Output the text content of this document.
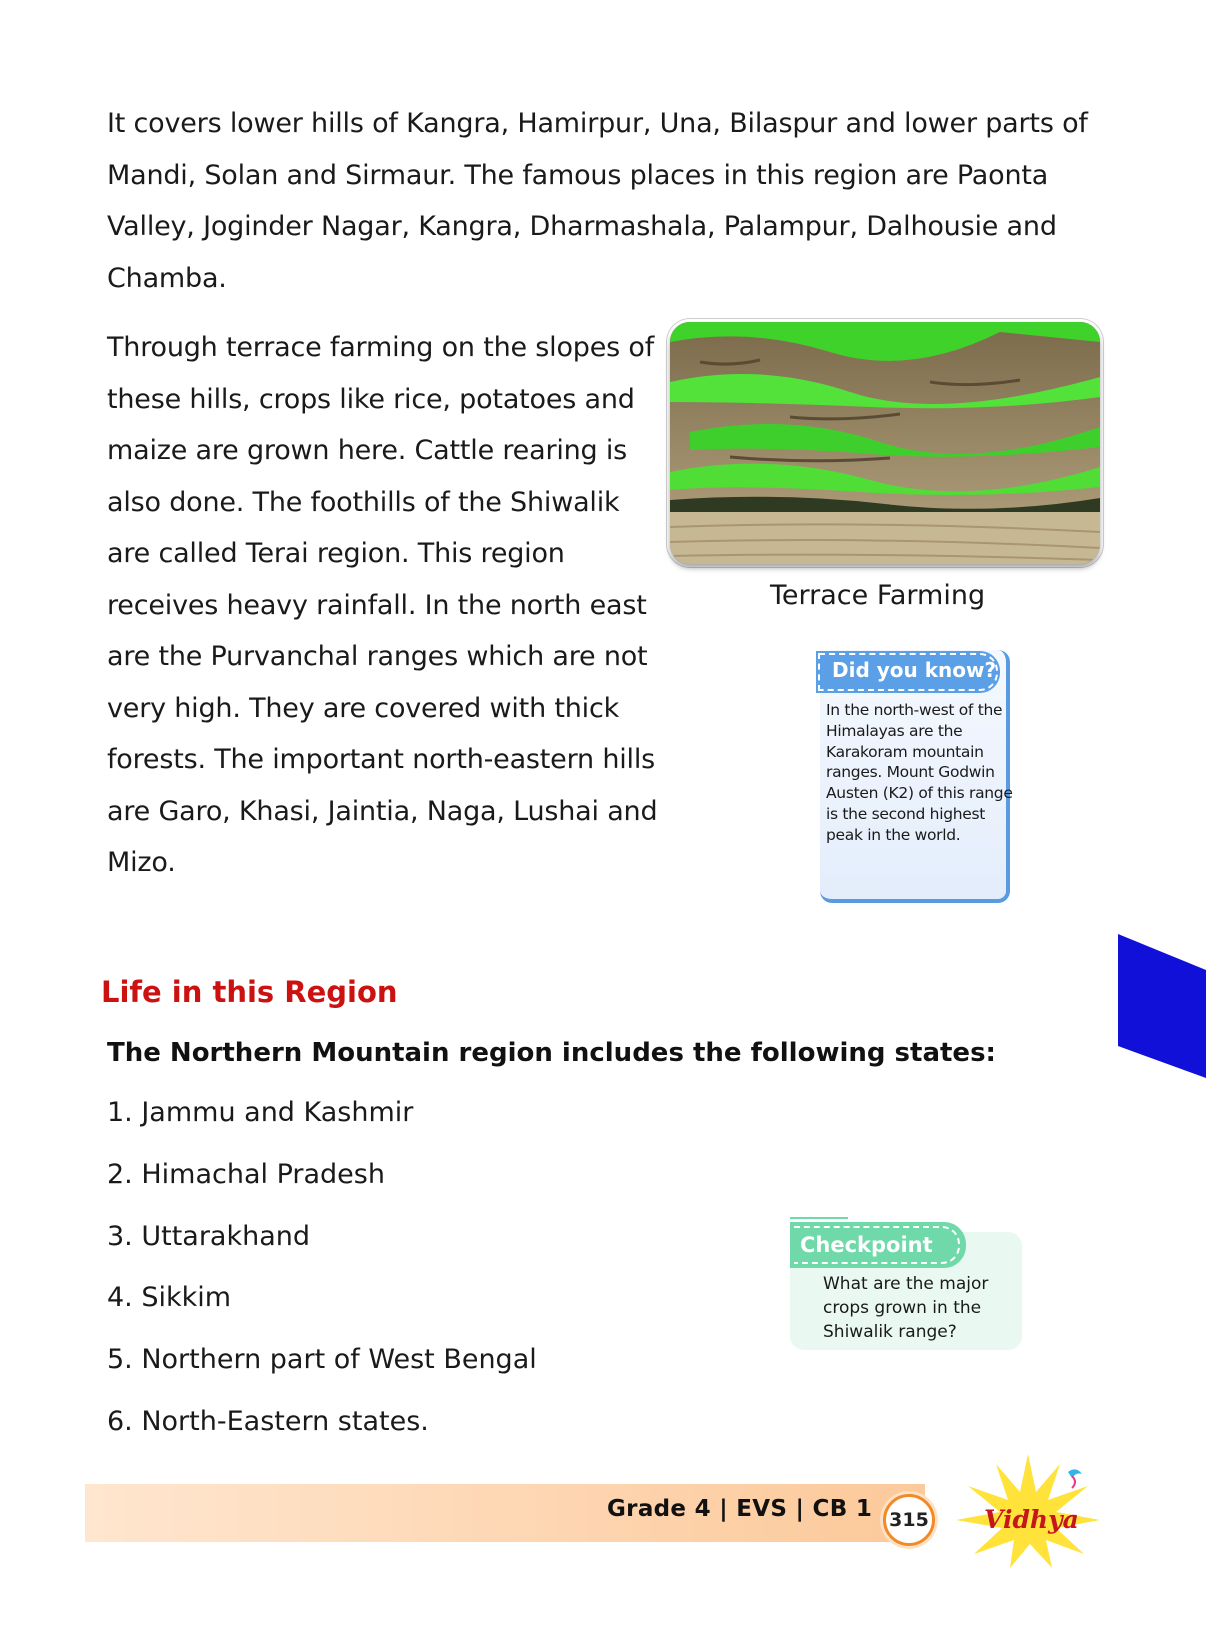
It covers lower hills of Kangra, Hamirpur, Una, Bilaspur and lower parts of Mandi, Solan and Sirmaur. The famous places in this region are Paonta Valley, Joginder Nagar, Kangra, Dharmashala, Palampur, Dalhousie and Chamba.

Through terrace farming on the slopes of these hills, crops like rice, potatoes and maize are grown here. Cattle rearing is also done. The foothills of the Shiwalik are called Terai region. This region receives heavy rainfall. In the north east are the Purvanchal ranges which are not very high. They are covered with thick forests. The important north-eastern hills are Garo, Khasi, Jaintia, Naga, Lushai and Mizo.

Terrace Farming
Did you know?

In the north-west of the Himalayas are the Karakoram mountain ranges. Mount Godwin Austen (K2) of this range is the second highest peak in the world.

Life in this Region

The Northern Mountain region includes the following states:

1. Jammu and Kashmir
2. Himachal Pradesh
3. Uttarakhand
4. Sikkim
5. Northern part of West Bengal
6. North-Eastern states.
Checkpoint

What are the major crops grown in the Shiwalik range?

Grade 4 | EVS | CB 1 315 Vidhya
